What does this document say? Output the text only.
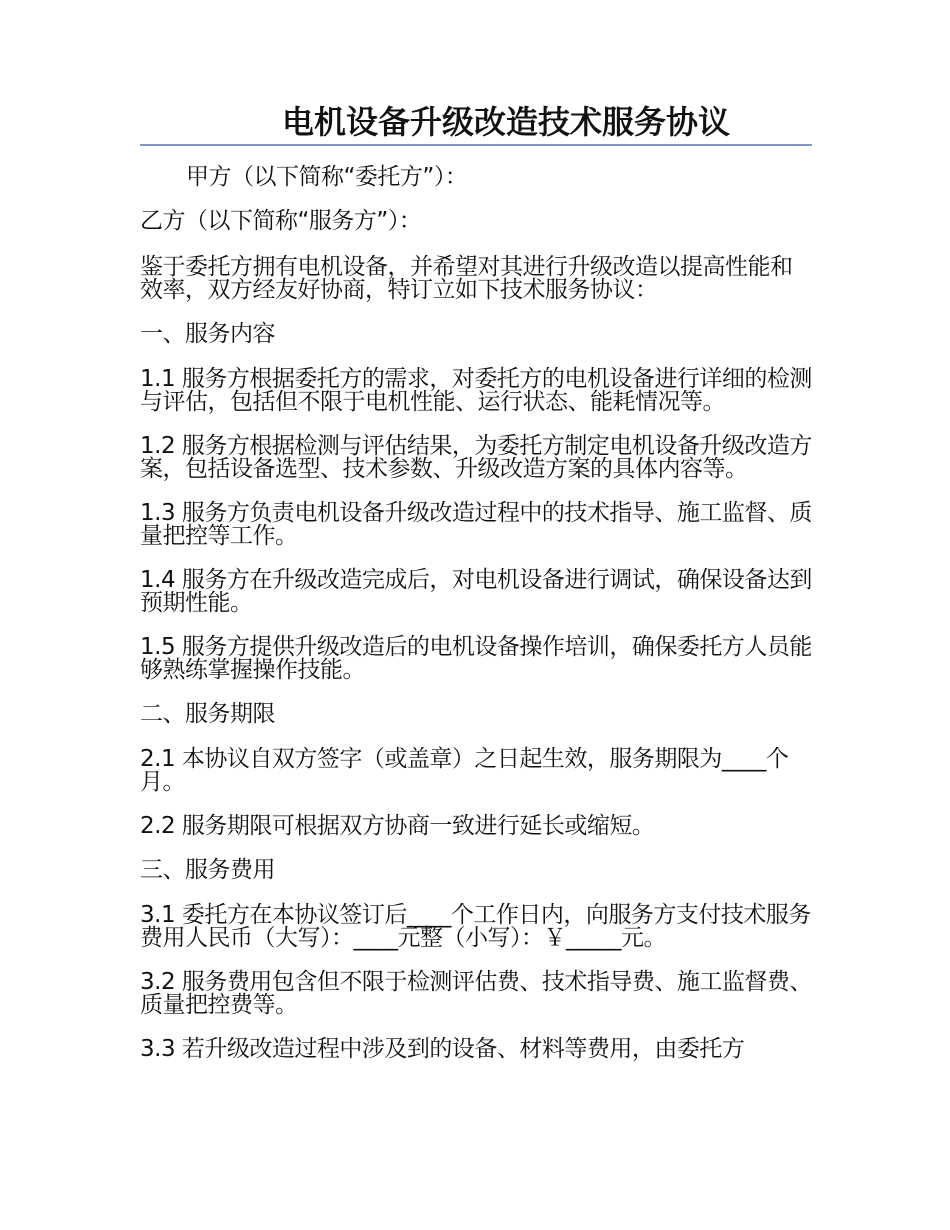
电机设备升级改造技术服务协议

甲方（以下简称“委托方”）：

乙方（以下简称“服务方”）：

鉴于委托方拥有电机设备，并希望对其进行升级改造以提高性能和效率，双方经友好协商，特订立如下技术服务协议：

一、服务内容

1.1 服务方根据委托方的需求，对委托方的电机设备进行详细的检测与评估，包括但不限于电机性能、运行状态、能耗情况等。

1.2 服务方根据检测与评估结果，为委托方制定电机设备升级改造方案，包括设备选型、技术参数、升级改造方案的具体内容等。

1.3 服务方负责电机设备升级改造过程中的技术指导、施工监督、质量把控等工作。

1.4 服务方在升级改造完成后，对电机设备进行调试，确保设备达到预期性能。

1.5 服务方提供升级改造后的电机设备操作培训，确保委托方人员能够熟练掌握操作技能。

二、服务期限

2.1 本协议自双方签字（或盖章）之日起生效，服务期限为____个月。

2.2 服务期限可根据双方协商一致进行延长或缩短。

三、服务费用

3.1 委托方在本协议签订后____个工作日内，向服务方支付技术服务费用人民币（大写）：____元整（小写）：￥_____元。

3.2 服务费用包含但不限于检测评估费、技术指导费、施工监督费、质量把控费等。

3.3 若升级改造过程中涉及到的设备、材料等费用，由委托方
